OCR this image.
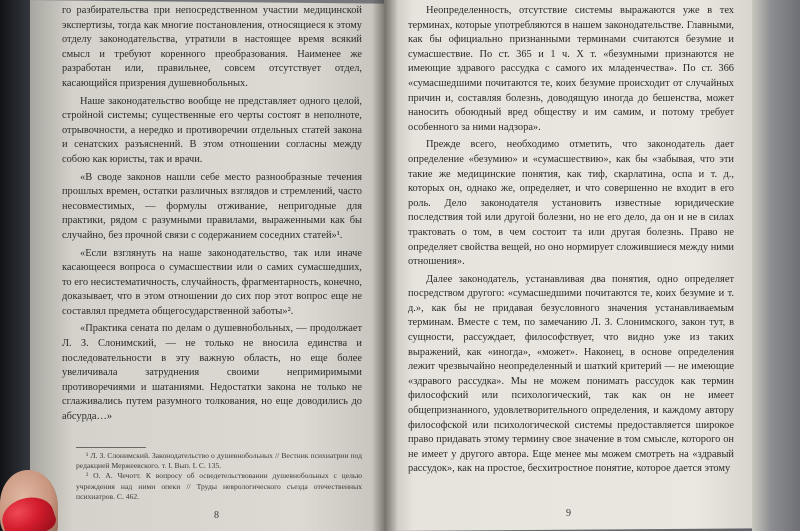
го разбирательства при непосредственном участии медицинской экспертизы, тогда как многие постановления, относящиеся к этому отделу законодательства, утратили в настоящее время всякий смысл и требуют коренного преобразования. Наименее же разработан или, правильнее, совсем отсутствует отдел, касающийся призрения душевнобольных.

Наше законодательство вообще не представляет одного целой, стройной системы; существенные его черты состоят в неполноте, отрывочности, а нередко и противоречии отдельных статей закона и сенатских разъяснений. В этом отношении согласны между собою как юристы, так и врачи.

«В своде законов нашли себе место разнообразные течения прошлых времен, остатки различных взглядов и стремлений, часто несовместимых, — формулы отживание, непригодные для практики, рядом с разумными правилами, выраженными как бы случайно, без прочной связи с содержанием соседних статей»¹.

«Если взглянуть на наше законодательство, так или иначе касающееся вопроса о сумасшествии или о самих сумасшедших, то его несистематичность, случайность, фрагментарность, конечно, доказывает, что в этом отношении до сих пор этот вопрос еще не составлял предмета общегосударственной заботы»².

«Практика сената по делам о душевнобольных, — продолжает Л. З. Слонимский, — не только не вносила единства и последовательности в эту важную область, но еще более увеличивала затруднения своими непримиримыми противоречиями и шатаниями. Недостатки закона не только не сглаживались путем разумного толкования, но еще доводились до абсурда…»

¹ Л. З. Слонимский. Законодательство о душевнобольных // Вестник психиатрии под редакцией Мержеевского. т. I. Вып. I. С. 135.

² О. А. Чечотт. К вопросу об осведетельствовании душевнобольных с целью учреждения над ними опеки // Труды неврологического съезда отечественных психиатров. С. 462.

8

Неопределенность, отсутствие системы выражаются уже в тех терминах, которые употребляются в нашем законодательстве. Главными, как бы официально признанными терминами считаются безумие и сумасшествие. По ст. 365 и 1 ч. Х т. «безумными признаются не имеющие здравого рассудка с самого их младенчества». По ст. 366 «сумасшедшими почитаются те, коих безумие происходит от случайных причин и, составляя болезнь, доводящую иногда до бешенства, может наносить обоюдный вред обществу и им самим, и потому требует особенного за ними надзора».

Прежде всего, необходимо отметить, что законодатель дает определение «безумию» и «сумасшествию», как бы «забывая, что эти такие же медицинские понятия, как тиф, скарлатина, оспа и т. д., которых он, однако же, определяет, и что совершенно не входит в его роль. Дело законодателя установить известные юридические последствия той или другой болезни, но не его дело, да он и не в силах трактовать о том, в чем состоит та или другая болезнь. Право не определяет свойства вещей, но оно нормирует сложившиеся между ними отношения».

Далее законодатель, устанавливая два понятия, одно определяет посредством другого: «сумасшедшими почитаются те, коих безумие и т. д.», как бы не придавая безусловного значения устанавливаемым терминам. Вместе с тем, по замечанию Л. З. Слонимского, закон тут, в сущности, рассуждает, философствует, что видно уже из таких выражений, как «иногда», «может». Наконец, в основе определения лежит чрезвычайно неопределенный и шаткий критерий — не имеющие «здравого рассудка». Мы не можем понимать рассудок как термин философский или психологический, так как он не имеет общепризнанного, удовлетворительного определения, и каждому автору философской или психологической системы предоставляется широкое право придавать этому термину свое значение в том смысле, которого он не имеет у другого автора. Еще менее мы можем смотреть на «здравый рассудок», как на простое, бесхитростное понятие, которое дается этому

9
